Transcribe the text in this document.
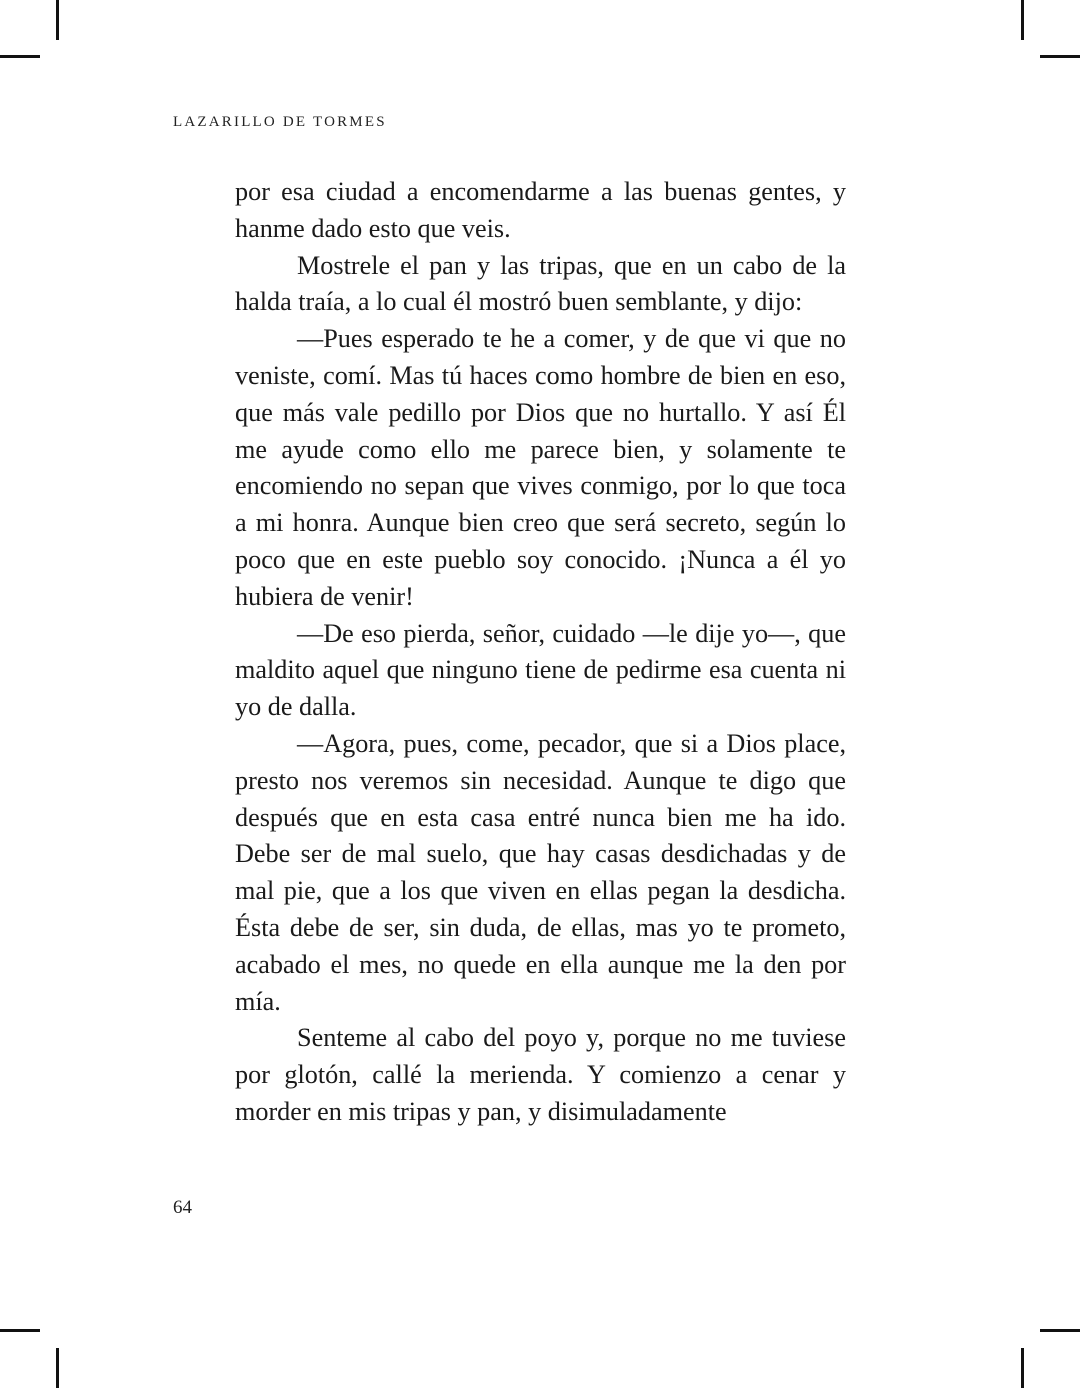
LAZARILLO DE TORMES

por esa ciudad a encomendarme a las buenas gentes, y hanme dado esto que veis.

Mostrele el pan y las tripas, que en un cabo de la halda traía, a lo cual él mostró buen semblante, y dijo:

—Pues esperado te he a comer, y de que vi que no veniste, comí. Mas tú haces como hombre de bien en eso, que más vale pedillo por Dios que no hurtallo. Y así Él me ayude como ello me parece bien, y solamente te encomiendo no sepan que vives conmigo, por lo que toca a mi honra. Aunque bien creo que será secreto, según lo poco que en este pueblo soy conocido. ¡Nunca a él yo hubiera de venir!

—De eso pierda, señor, cuidado —le dije yo—, que maldito aquel que ninguno tiene de pedirme esa cuenta ni yo de dalla.

—Agora, pues, come, pecador, que si a Dios place, presto nos veremos sin necesidad. Aunque te digo que después que en esta casa entré nunca bien me ha ido. Debe ser de mal suelo, que hay casas desdichadas y de mal pie, que a los que viven en ellas pegan la desdicha. Ésta debe de ser, sin duda, de ellas, mas yo te prometo, acabado el mes, no quede en ella aunque me la den por mía.

Senteme al cabo del poyo y, porque no me tuviese por glotón, callé la merienda. Y comienzo a cenar y morder en mis tripas y pan, y disimuladamente

64
